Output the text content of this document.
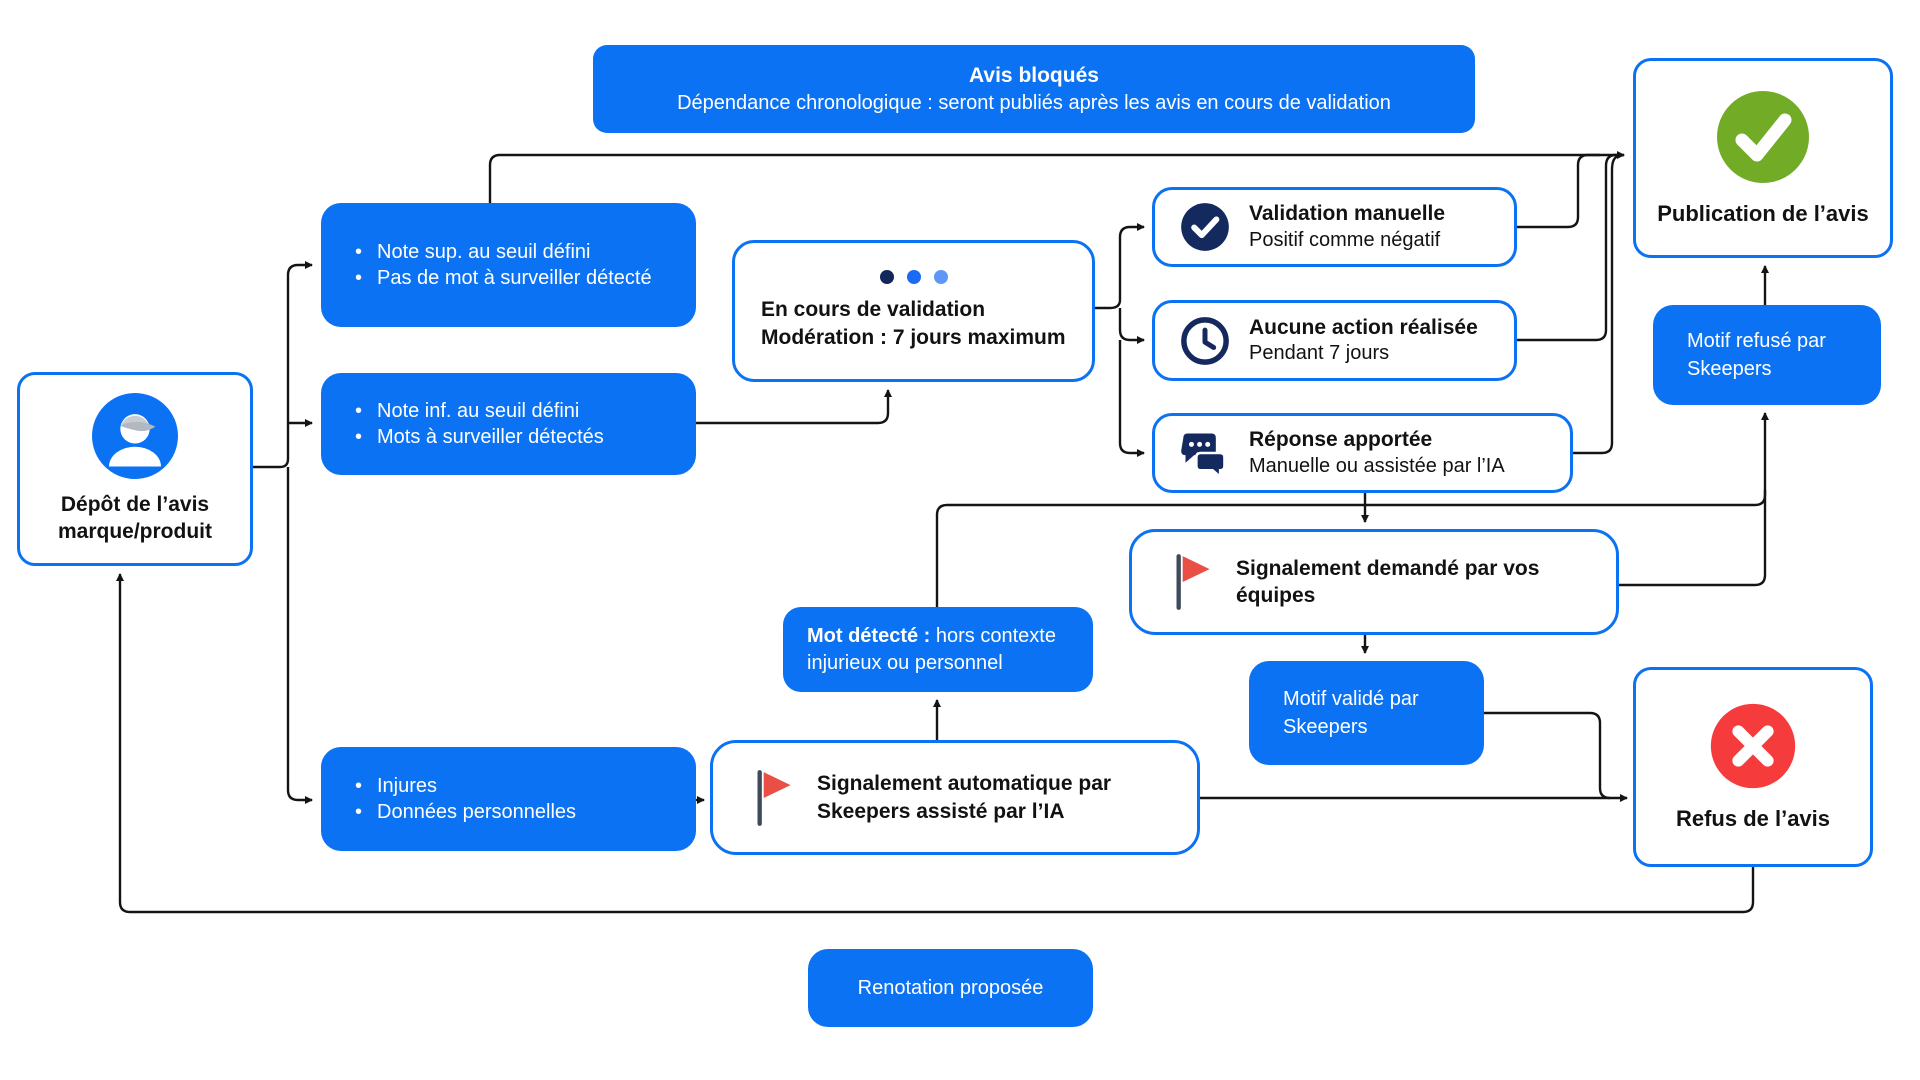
Avis bloqués
Dépendance chronologique : seront publiés après les avis en cours de validation
Dépôt de l’avis
marque/produit
• Note sup. au seuil défini
• Pas de mot à surveiller détecté
• Note inf. au seuil défini
• Mots à surveiller détectés
En cours de validation
Modération : 7 jours maximum
Validation manuelle
Positif comme négatif
Aucune action réalisée
Pendant 7 jours
Réponse apportée
Manuelle ou assistée par l’IA
Publication de l’avis
Motif refusé par Skeepers
Signalement demandé par vos équipes
Motif validé par Skeepers
Mot détecté : hors contexte injurieux ou personnel
• Injures
• Données personnelles
Signalement automatique par Skeepers assisté par l’IA	Refus de l’avis
Renotation proposée
